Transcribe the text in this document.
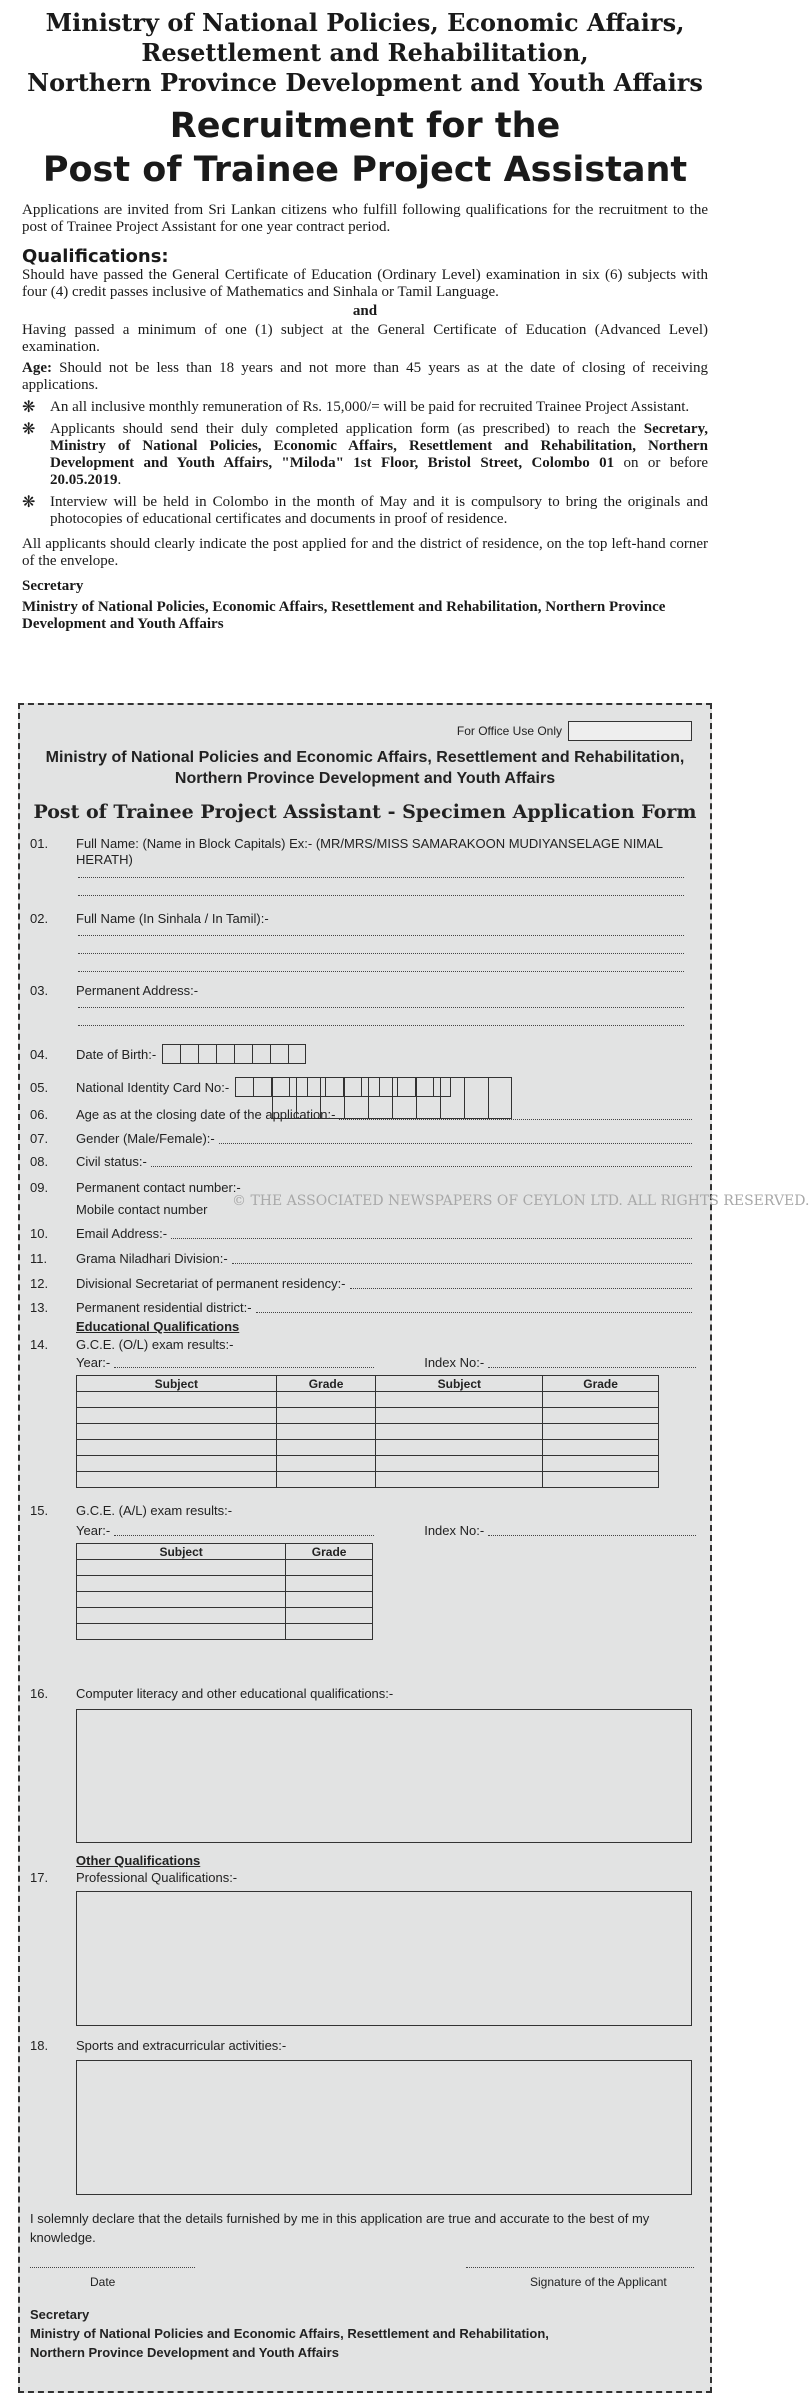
Ministry of National Policies, Economic Affairs,
Resettlement and Rehabilitation,
Northern Province Development and Youth Affairs
Recruitment for the
Post of Trainee Project Assistant

Applications are invited from Sri Lankan citizens who fulfill following qualifications for the recruitment to the post of Trainee Project Assistant for one year contract period.

Qualifications:

Should have passed the General Certificate of Education (Ordinary Level) examination in six (6) subjects with four (4) credit passes inclusive of Mathematics and Sinhala or Tamil Language.

and

Having passed a minimum of one (1) subject at the General Certificate of Education (Advanced Level) examination.

Age: Should not be less than 18 years and not more than 45 years as at the date of closing of receiving applications.

❋ An all inclusive monthly remuneration of Rs. 15,000/= will be paid for recruited Trainee Project Assistant.
❋ Applicants should send their duly completed application form (as prescribed) to reach the Secretary, Ministry of National Policies, Economic Affairs, Resettlement and Rehabilitation, Northern Development and Youth Affairs, "Miloda" 1st Floor, Bristol Street, Colombo 01 on or before 20.05.2019.
❋ Interview will be held in Colombo in the month of May and it is compulsory to bring the originals and photocopies of educational certificates and documents in proof of residence.

All applicants should clearly indicate the post applied for and the district of residence, on the top left-hand corner of the envelope.

Secretary
Ministry of National Policies, Economic Affairs, Resettlement and Rehabilitation, Northern Province Development and Youth Affairs
For Office Use Only
Ministry of National Policies and Economic Affairs, Resettlement and Rehabilitation,
Northern Province Development and Youth Affairs
Post of Trainee Project Assistant - Specimen Application Form
01.	Full Name: (Name in Block Capitals) Ex:- (MR/MRS/MISS SAMARAKOON MUDIYANSELAGE NIMAL HERATH)
02.	Full Name (In Sinhala / In Tamil):-
03.	Permanent Address:-
04.	Date of Birth:-
05.	National Identity Card No:-
06.	Age as at the closing date of the application:-
07.	Gender (Male/Female):-
08.	Civil status:-
09.	Permanent contact number:-
Mobile contact number
© THE ASSOCIATED NEWSPAPERS OF CEYLON LTD. ALL RIGHTS RESERVED.
10.	Email Address:-
11.	Grama Niladhari Division:-
12.	Divisional Secretariat of permanent residency:-
13.	Permanent residential district:-
Educational Qualifications
14.	G.C.E. (O/L) exam results:-
Year:-	Index No:-
Subject	Grade	Subject	Grade

15.	G.C.E. (A/L) exam results:-
Year:-	Index No:-
Subject	Grade

16.	Computer literacy and other educational qualifications:-
Other Qualifications
17.	Professional Qualifications:-
18.	Sports and extracurricular activities:-
I solemnly declare that the details furnished by me in this application are true and accurate to the best of my knowledge.
Date	Signature of the Applicant
Secretary
Ministry of National Policies and Economic Affairs, Resettlement and Rehabilitation,
Northern Province Development and Youth Affairs
